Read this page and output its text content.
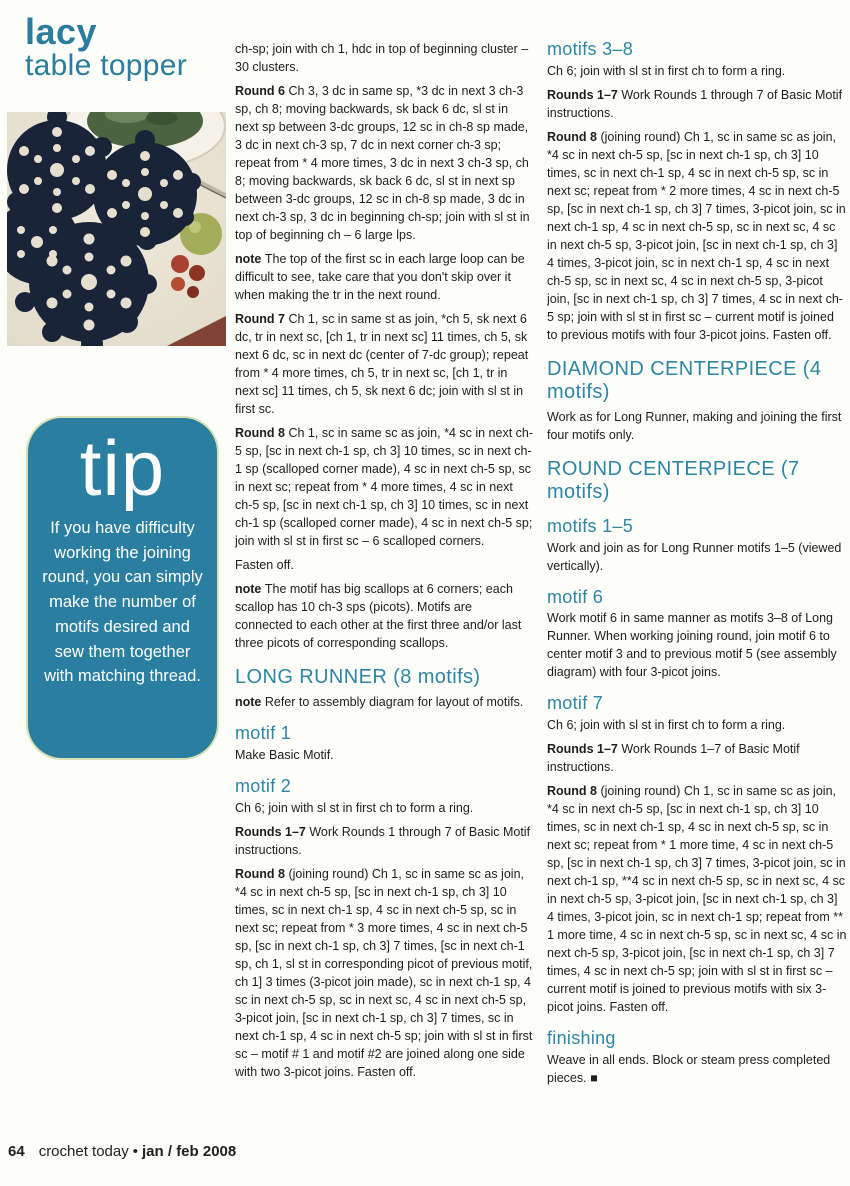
lacy
table topper
tip
If you have difficulty working the joining round, you can simply make the number of motifs desired and sew them together with matching thread.

ch-sp; join with ch 1, hdc in top of beginning cluster – 30 clusters.

Round 6 Ch 3, 3 dc in same sp, *3 dc in next 3 ch-3 sp, ch 8; moving backwards, sk back 6 dc, sl st in next sp between 3-dc groups, 12 sc in ch-8 sp made, 3 dc in next ch-3 sp, 7 dc in next corner ch-3 sp; repeat from * 4 more times, 3 dc in next 3 ch-3 sp, ch 8; moving backwards, sk back 6 dc, sl st in next sp between 3-dc groups, 12 sc in ch-8 sp made, 3 dc in next ch-3 sp, 3 dc in beginning ch-sp; join with sl st in top of beginning ch – 6 large lps.

note The top of the first sc in each large loop can be difficult to see, take care that you don't skip over it when making the tr in the next round.

Round 7 Ch 1, sc in same st as join, *ch 5, sk next 6 dc, tr in next sc, [ch 1, tr in next sc] 11 times, ch 5, sk next 6 dc, sc in next dc (center of 7-dc group); repeat from * 4 more times, ch 5, tr in next sc, [ch 1, tr in next sc] 11 times, ch 5, sk next 6 dc; join with sl st in first sc.

Round 8 Ch 1, sc in same sc as join, *4 sc in next ch-5 sp, [sc in next ch-1 sp, ch 3] 10 times, sc in next ch-1 sp (scalloped corner made), 4 sc in next ch-5 sp, sc in next sc; repeat from * 4 more times, 4 sc in next ch-5 sp, [sc in next ch-1 sp, ch 3] 10 times, sc in next ch-1 sp (scalloped corner made), 4 sc in next ch-5 sp; join with sl st in first sc – 6 scalloped corners.

Fasten off.

note The motif has big scallops at 6 corners; each scallop has 10 ch-3 sps (picots). Motifs are connected to each other at the first three and/or last three picots of corresponding scallops.

LONG RUNNER (8 motifs)

note Refer to assembly diagram for layout of motifs.

motif 1

Make Basic Motif.

motif 2

Ch 6; join with sl st in first ch to form a ring.

Rounds 1–7 Work Rounds 1 through 7 of Basic Motif instructions.

Round 8 (joining round) Ch 1, sc in same sc as join, *4 sc in next ch-5 sp, [sc in next ch-1 sp, ch 3] 10 times, sc in next ch-1 sp, 4 sc in next ch-5 sp, sc in next sc; repeat from * 3 more times, 4 sc in next ch-5 sp, [sc in next ch-1 sp, ch 3] 7 times, [sc in next ch-1 sp, ch 1, sl st in corresponding picot of previous motif, ch 1] 3 times (3-picot join made), sc in next ch-1 sp, 4 sc in next ch-5 sp, sc in next sc, 4 sc in next ch-5 sp, 3-picot join, [sc in next ch-1 sp, ch 3] 7 times, sc in next ch-1 sp, 4 sc in next ch-5 sp; join with sl st in first sc – motif # 1 and motif #2 are joined along one side with two 3-picot joins. Fasten off.

motifs 3–8

Ch 6; join with sl st in first ch to form a ring.

Rounds 1–7 Work Rounds 1 through 7 of Basic Motif instructions.

Round 8 (joining round) Ch 1, sc in same sc as join, *4 sc in next ch-5 sp, [sc in next ch-1 sp, ch 3] 10 times, sc in next ch-1 sp, 4 sc in next ch-5 sp, sc in next sc; repeat from * 2 more times, 4 sc in next ch-5 sp, [sc in next ch-1 sp, ch 3] 7 times, 3-picot join, sc in next ch-1 sp, 4 sc in next ch-5 sp, sc in next sc, 4 sc in next ch-5 sp, 3-picot join, [sc in next ch-1 sp, ch 3] 4 times, 3-picot join, sc in next ch-1 sp, 4 sc in next ch-5 sp, sc in next sc, 4 sc in next ch-5 sp, 3-picot join, [sc in next ch-1 sp, ch 3] 7 times, 4 sc in next ch-5 sp; join with sl st in first sc – current motif is joined to previous motifs with four 3-picot joins. Fasten off.

DIAMOND CENTERPIECE (4 motifs)

Work as for Long Runner, making and joining the first four motifs only.

ROUND CENTERPIECE (7 motifs)
motifs 1–5

Work and join as for Long Runner motifs 1–5 (viewed vertically).

motif 6

Work motif 6 in same manner as motifs 3–8 of Long Runner. When working joining round, join motif 6 to center motif 3 and to previous motif 5 (see assembly diagram) with four 3-picot joins.

motif 7

Ch 6; join with sl st in first ch to form a ring.

Rounds 1–7 Work Rounds 1–7 of Basic Motif instructions.

Round 8 (joining round) Ch 1, sc in same sc as join, *4 sc in next ch-5 sp, [sc in next ch-1 sp, ch 3] 10 times, sc in next ch-1 sp, 4 sc in next ch-5 sp, sc in next sc; repeat from * 1 more time, 4 sc in next ch-5 sp, [sc in next ch-1 sp, ch 3] 7 times, 3-picot join, sc in next ch-1 sp, **4 sc in next ch-5 sp, sc in next sc, 4 sc in next ch-5 sp, 3-picot join, [sc in next ch-1 sp, ch 3] 4 times, 3-picot join, sc in next ch-1 sp; repeat from ** 1 more time, 4 sc in next ch-5 sp, sc in next sc, 4 sc in next ch-5 sp, 3-picot join, [sc in next ch-1 sp, ch 3] 7 times, 4 sc in next ch-5 sp; join with sl st in first sc – current motif is joined to previous motifs with six 3-picot joins. Fasten off.

finishing

Weave in all ends. Block or steam press completed pieces. ■

64 crochet today • jan / feb 2008
